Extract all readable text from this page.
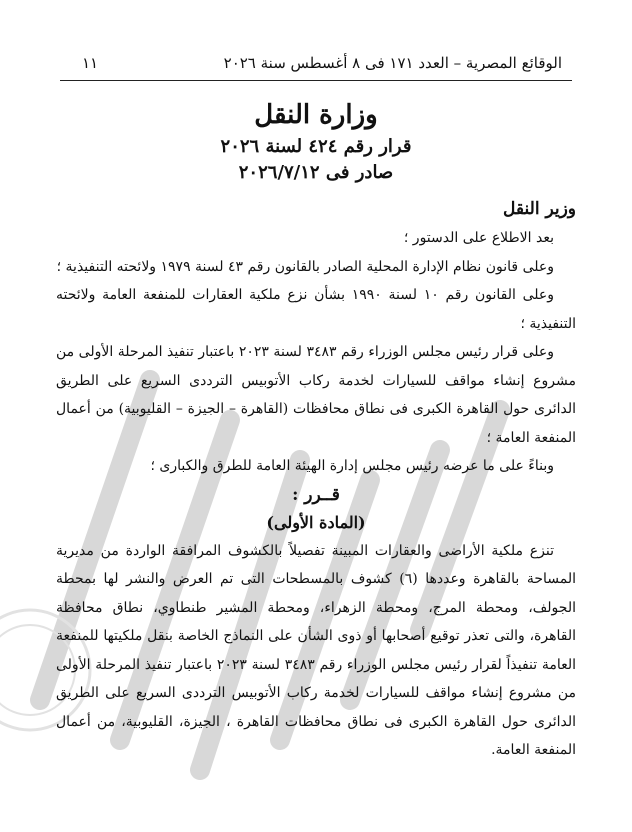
الوقائع المصرية – العدد ١٧١ فى ٨ أغسطس سنة ٢٠٢٦
١١

وزارة النقل

قرار رقم ٤٢٤ لسنة ٢٠٢٦

صادر فى ٢٠٢٦/٧/١٢

وزير النقل

بعد الاطلاع على الدستور ؛

وعلى قانون نظام الإدارة المحلية الصادر بالقانون رقم ٤٣ لسنة ١٩٧٩ ولائحته التنفيذية ؛

وعلى القانون رقم ١٠ لسنة ١٩٩٠ بشأن نزع ملكية العقارات للمنفعة العامة ولائحته التنفيذية ؛

وعلى قرار رئيس مجلس الوزراء رقم ٣٤٨٣ لسنة ٢٠٢٣ باعتبار تنفيذ المرحلة الأولى من مشروع إنشاء مواقف للسيارات لخدمة ركاب الأتوبيس الترددى السريع على الطريق الدائرى حول القاهرة الكبرى فى نطاق محافظات (القاهرة – الجيزة – القليوبية) من أعمال المنفعة العامة ؛

وبناءً على ما عرضه رئيس مجلس إدارة الهيئة العامة للطرق والكبارى ؛

قــرر :

(المادة الأولى)

تنزع ملكية الأراضى والعقارات المبينة تفصيلاً بالكشوف المرافقة الواردة من مديرية المساحة بالقاهرة وعددها (٦) كشوف بالمسطحات التى تم العرض والنشر لها بمحطة الجولف، ومحطة المرج، ومحطة الزهراء، ومحطة المشير طنطاوي، نطاق محافظة القاهرة، والتى تعذر توقيع أصحابها أو ذوى الشأن على النماذج الخاصة بنقل ملكيتها للمنفعة العامة تنفيذاً لقرار رئيس مجلس الوزراء رقم ٣٤٨٣ لسنة ٢٠٢٣ باعتبار تنفيذ المرحلة الأولى من مشروع إنشاء مواقف للسيارات لخدمة ركاب الأتوبيس الترددى السريع على الطريق الدائرى حول القاهرة الكبرى فى نطاق محافظات القاهرة ، الجيزة، القليوبية، من أعمال المنفعة العامة.
